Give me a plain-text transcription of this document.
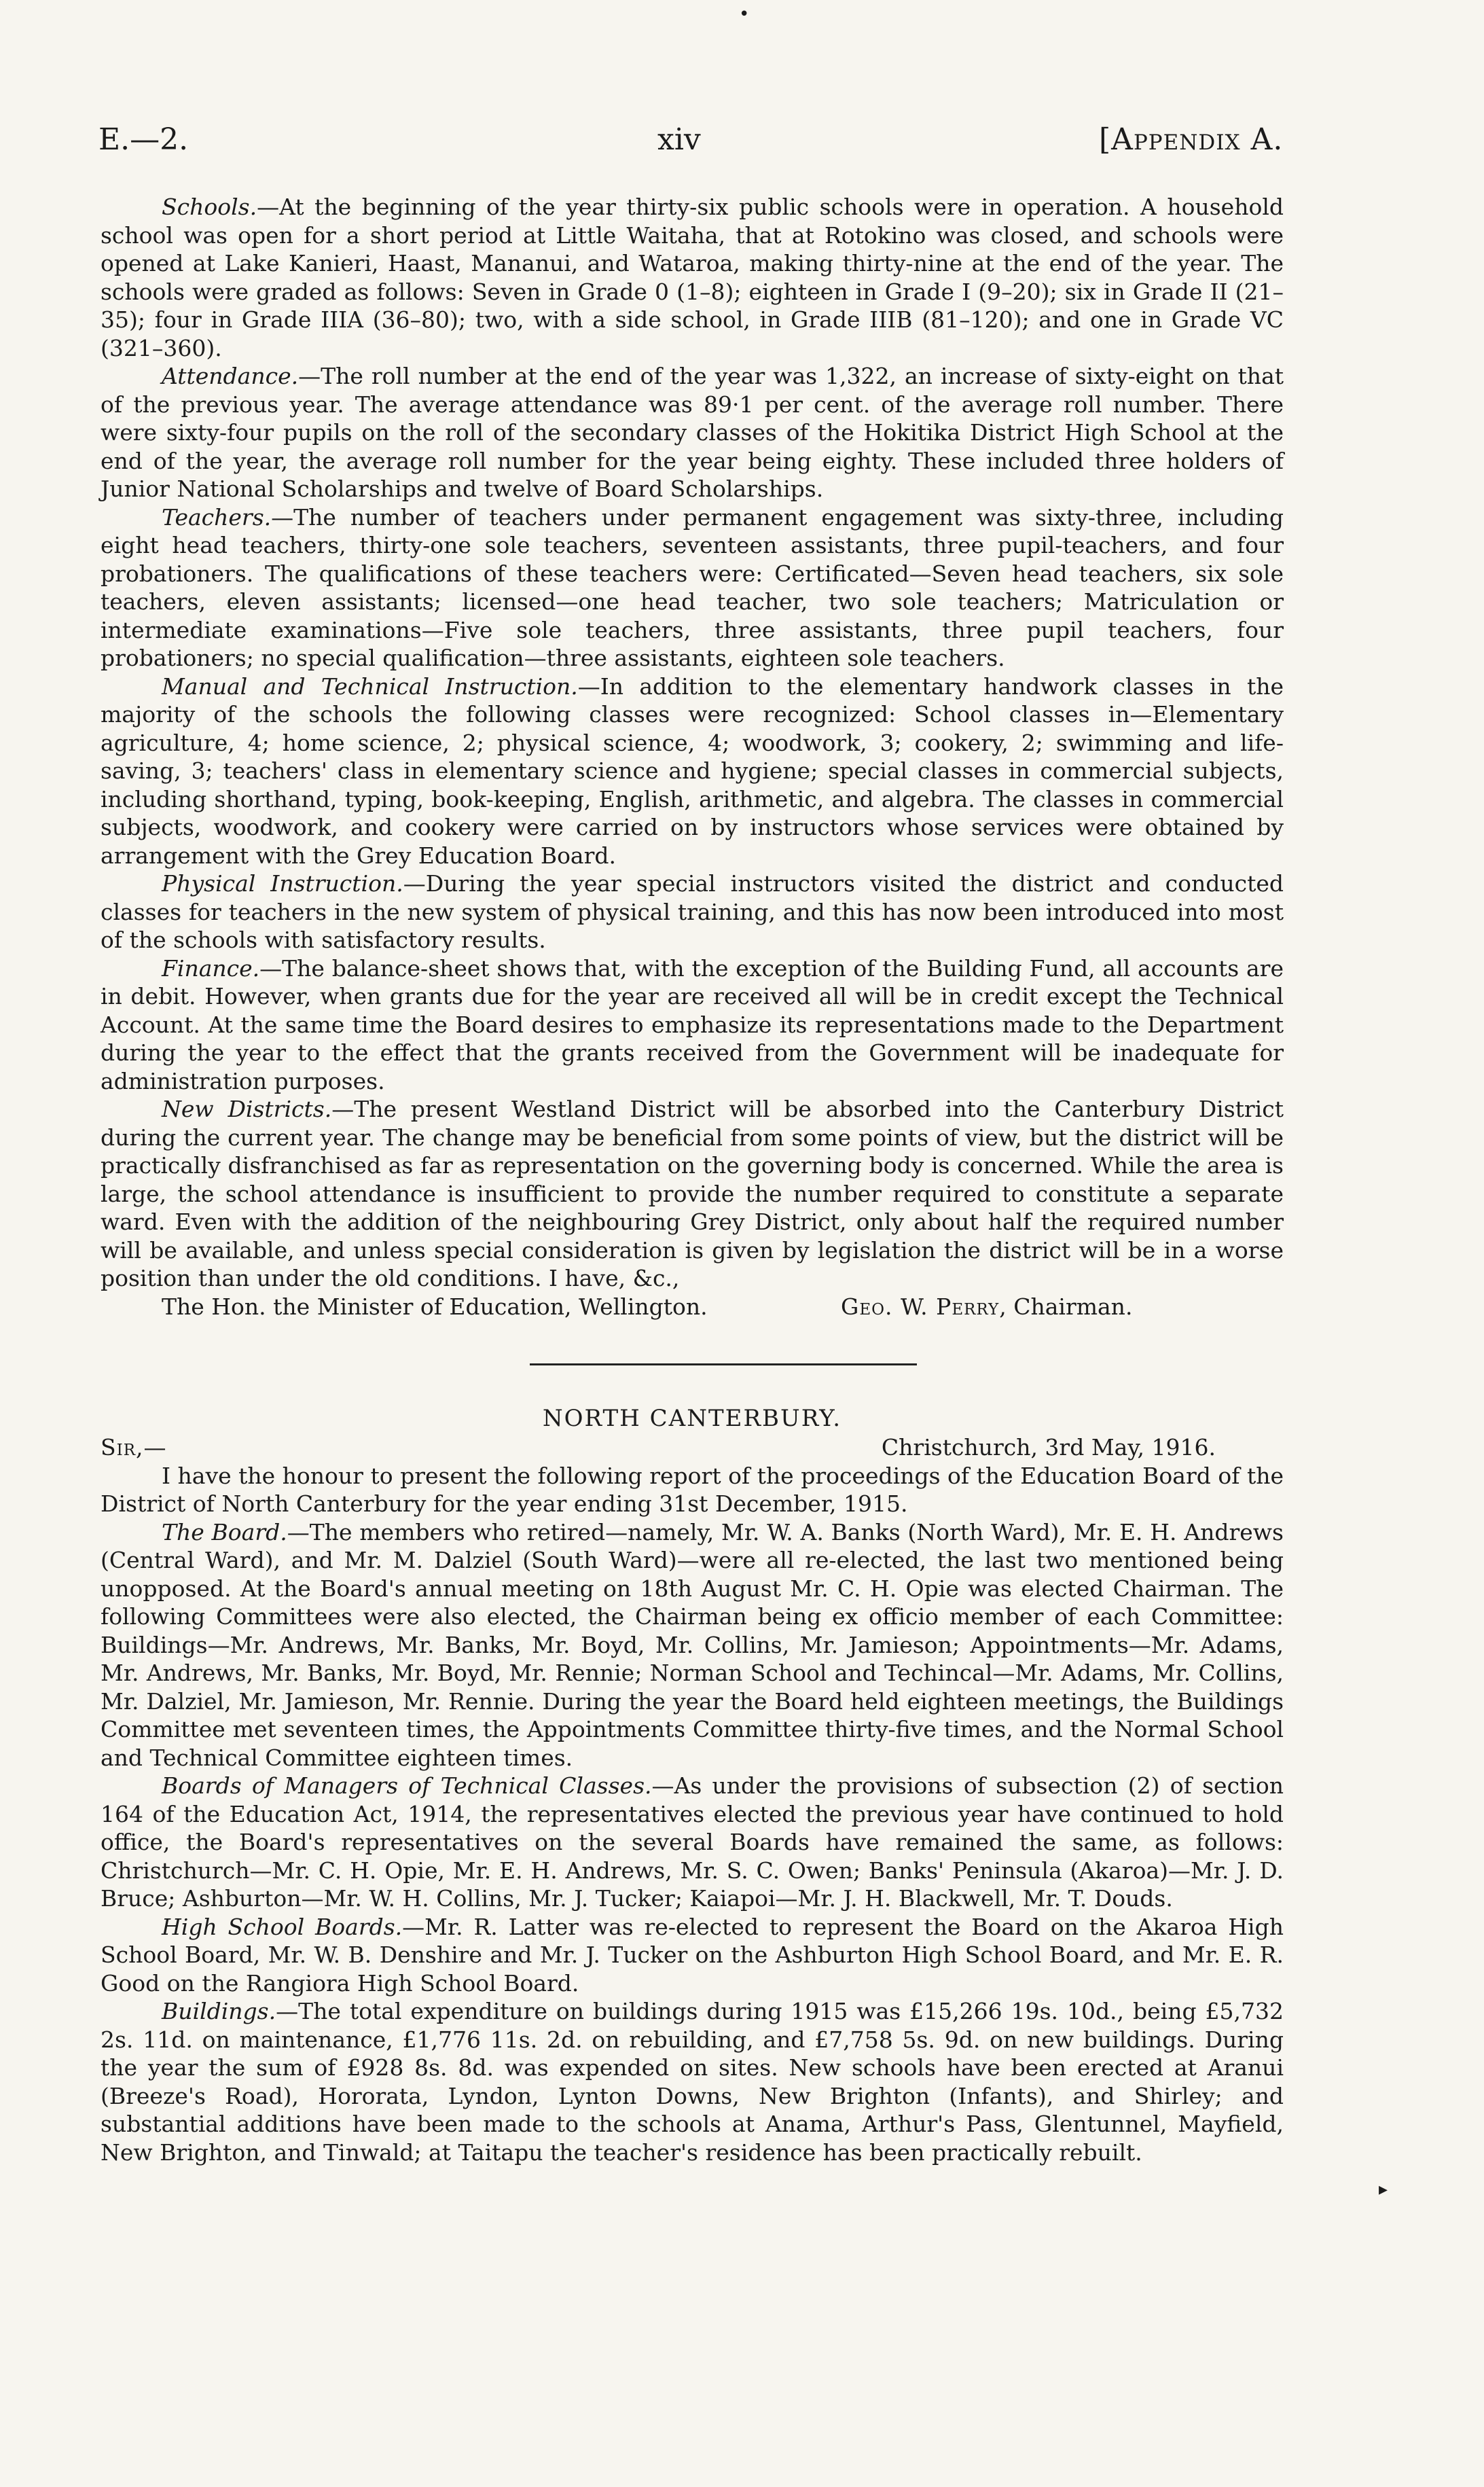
•
E.—2.	xiv	[Appendix A.

Schools.—At the beginning of the year thirty-six public schools were in operation. A household school was open for a short period at Little Waitaha, that at Rotokino was closed, and schools were opened at Lake Kanieri, Haast, Mananui, and Wataroa, making thirty-nine at the end of the year. The schools were graded as follows: Seven in Grade 0 (1–8); eighteen in Grade I (9–20); six in Grade II (21–35); four in Grade IIIA (36–80); two, with a side school, in Grade IIIB (81–120); and one in Grade VC (321–360).

Attendance.—The roll number at the end of the year was 1,322, an increase of sixty-eight on that of the previous year. The average attendance was 89·1 per cent. of the average roll number. There were sixty-four pupils on the roll of the secondary classes of the Hokitika District High School at the end of the year, the average roll number for the year being eighty. These included three holders of Junior National Scholarships and twelve of Board Scholarships.

Teachers.—The number of teachers under permanent engagement was sixty-three, including eight head teachers, thirty-one sole teachers, seventeen assistants, three pupil-teachers, and four probationers. The qualifications of these teachers were: Certificated—Seven head teachers, six sole teachers, eleven assistants; licensed—one head teacher, two sole teachers; Matriculation or intermediate examinations—Five sole teachers, three assistants, three pupil teachers, four probationers; no special qualification—three assistants, eighteen sole teachers.

Manual and Technical Instruction.—In addition to the elementary handwork classes in the majority of the schools the following classes were recognized: School classes in—Elementary agriculture, 4; home science, 2; physical science, 4; woodwork, 3; cookery, 2; swimming and life-saving, 3; teachers' class in elementary science and hygiene; special classes in commercial subjects, including shorthand, typing, book-keeping, English, arithmetic, and algebra. The classes in commercial subjects, woodwork, and cookery were carried on by instructors whose services were obtained by arrangement with the Grey Education Board.

Physical Instruction.—During the year special instructors visited the district and conducted classes for teachers in the new system of physical training, and this has now been introduced into most of the schools with satisfactory results.

Finance.—The balance-sheet shows that, with the exception of the Building Fund, all accounts are in debit. However, when grants due for the year are received all will be in credit except the Technical Account. At the same time the Board desires to emphasize its representations made to the Department during the year to the effect that the grants received from the Government will be inadequate for administration purposes.

New Districts.—The present Westland District will be absorbed into the Canterbury District during the current year. The change may be beneficial from some points of view, but the district will be practically disfranchised as far as representation on the governing body is concerned. While the area is large, the school attendance is insufficient to provide the number required to constitute a separate ward. Even with the addition of the neighbouring Grey District, only about half the required number will be available, and unless special consideration is given by legislation the district will be in a worse position than under the old conditions. I have, &c.,

The Hon. the Minister of Education, Wellington.	Geo. W. Perry, Chairman.

NORTH CANTERBURY.

Sir,—	Christchurch, 3rd May, 1916.

I have the honour to present the following report of the proceedings of the Education Board of the District of North Canterbury for the year ending 31st December, 1915.

The Board.—The members who retired—namely, Mr. W. A. Banks (North Ward), Mr. E. H. Andrews (Central Ward), and Mr. M. Dalziel (South Ward)—were all re-elected, the last two mentioned being unopposed. At the Board's annual meeting on 18th August Mr. C. H. Opie was elected Chairman. The following Committees were also elected, the Chairman being ex officio member of each Committee: Buildings—Mr. Andrews, Mr. Banks, Mr. Boyd, Mr. Collins, Mr. Jamieson; Appointments—Mr. Adams, Mr. Andrews, Mr. Banks, Mr. Boyd, Mr. Rennie; Norman School and Techincal—Mr. Adams, Mr. Collins, Mr. Dalziel, Mr. Jamieson, Mr. Rennie. During the year the Board held eighteen meetings, the Buildings Committee met seventeen times, the Appointments Committee thirty-five times, and the Normal School and Technical Committee eighteen times.

Boards of Managers of Technical Classes.—As under the provisions of subsection (2) of section 164 of the Education Act, 1914, the representatives elected the previous year have continued to hold office, the Board's representatives on the several Boards have remained the same, as follows: Christchurch—Mr. C. H. Opie, Mr. E. H. Andrews, Mr. S. C. Owen; Banks' Peninsula (Akaroa)—Mr. J. D. Bruce; Ashburton—Mr. W. H. Collins, Mr. J. Tucker; Kaiapoi—Mr. J. H. Blackwell, Mr. T. Douds.

High School Boards.—Mr. R. Latter was re-elected to represent the Board on the Akaroa High School Board, Mr. W. B. Denshire and Mr. J. Tucker on the Ashburton High School Board, and Mr. E. R. Good on the Rangiora High School Board.

Buildings.—The total expenditure on buildings during 1915 was £15,266 19s. 10d., being £5,732 2s. 11d. on maintenance, £1,776 11s. 2d. on rebuilding, and £7,758 5s. 9d. on new buildings. During the year the sum of £928 8s. 8d. was expended on sites. New schools have been erected at Aranui (Breeze's Road), Hororata, Lyndon, Lynton Downs, New Brighton (Infants), and Shirley; and substantial additions have been made to the schools at Anama, Arthur's Pass, Glentunnel, Mayfield, New Brighton, and Tinwald; at Taitapu the teacher's residence has been practically rebuilt.

▸
